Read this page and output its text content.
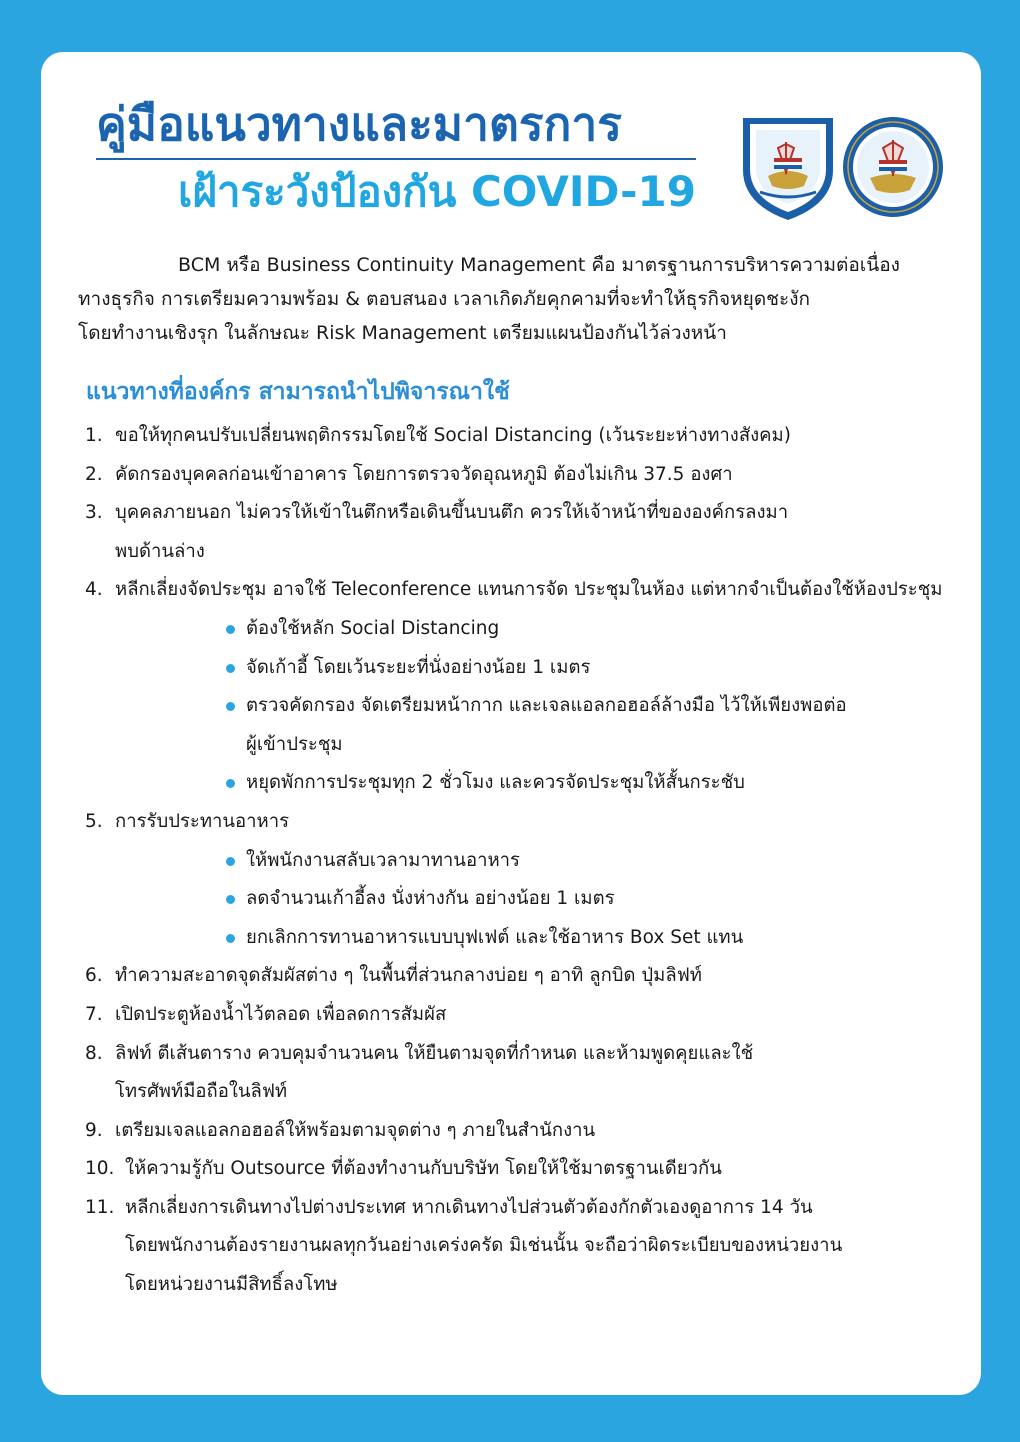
คู่มือแนวทางและมาตรการ
เฝ้าระวังป้องกัน COVID-19
BCM หรือ Business Continuity Management คือ มาตรฐานการบริหารความต่อเนื่อง
ทางธุรกิจ การเตรียมความพร้อม & ตอบสนอง เวลาเกิดภัยคุกคามที่จะทำให้ธุรกิจหยุดชะงัก
โดยทำงานเชิงรุก ในลักษณะ Risk Management เตรียมแผนป้องกันไว้ล่วงหน้า
แนวทางที่องค์กร สามารถนำไปพิจารณาใช้
1. ขอให้ทุกคนปรับเปลี่ยนพฤติกรรมโดยใช้ Social Distancing (เว้นระยะห่างทางสังคม)
2. คัดกรองบุคคลก่อนเข้าอาคาร โดยการตรวจวัดอุณหภูมิ ต้องไม่เกิน 37.5 องศา
3. บุคคลภายนอก ไม่ควรให้เข้าในตึกหรือเดินขึ้นบนตึก ควรให้เจ้าหน้าที่ขององค์กรลงมา
พบด้านล่าง
4. หลีกเลี่ยงจัดประชุม อาจใช้ Teleconference แทนการจัด ประชุมในห้อง แต่หากจำเป็นต้องใช้ห้องประชุม
ต้องใช้หลัก Social Distancing
จัดเก้าอี้ โดยเว้นระยะที่นั่งอย่างน้อย 1 เมตร
ตรวจคัดกรอง จัดเตรียมหน้ากาก และเจลแอลกอฮอล์ล้างมือ ไว้ให้เพียงพอต่อ
ผู้เข้าประชุม
หยุดพักการประชุมทุก 2 ชั่วโมง และควรจัดประชุมให้สั้นกระชับ
5. การรับประทานอาหาร
ให้พนักงานสลับเวลามาทานอาหาร
ลดจำนวนเก้าอี้ลง นั่งห่างกัน อย่างน้อย 1 เมตร
ยกเลิกการทานอาหารแบบบุฟเฟต์ และใช้อาหาร Box Set แทน
6. ทำความสะอาดจุดสัมผัสต่าง ๆ ในพื้นที่ส่วนกลางบ่อย ๆ อาทิ ลูกบิด ปุ่มลิฟท์
7. เปิดประตูห้องน้ำไว้ตลอด เพื่อลดการสัมผัส
8. ลิฟท์ ตีเส้นตาราง ควบคุมจำนวนคน ให้ยืนตามจุดที่กำหนด และห้ามพูดคุยและใช้
โทรศัพท์มือถือในลิฟท์
9. เตรียมเจลแอลกอฮอล์ให้พร้อมตามจุดต่าง ๆ ภายในสำนักงาน
10. ให้ความรู้กับ Outsource ที่ต้องทำงานกับบริษัท โดยให้ใช้มาตรฐานเดียวกัน
11. หลีกเลี่ยงการเดินทางไปต่างประเทศ หากเดินทางไปส่วนตัวต้องกักตัวเองดูอาการ 14 วัน
โดยพนักงานต้องรายงานผลทุกวันอย่างเคร่งครัด มิเช่นนั้น จะถือว่าผิดระเบียบของหน่วยงาน
โดยหน่วยงานมีสิทธิ์ลงโทษ
